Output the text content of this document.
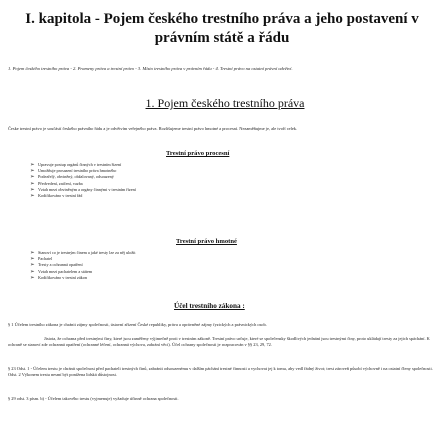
I. kapitola - Pojem českého trestního práva a jeho postavení v právním státě a řádu
1. Pojem českého trestního práva - 2. Prameny práva a trestní právo - 3. Místo trestního práva v právním řádu - 4. Trestní právo na ostatní právní odvětví.
1. Pojem českého trestního práva
Česke trestní právo je součástí českého právního řádu a je odvětvím veřejného práva. Rozlišujeme trestní právo hmotné a procesní. Nezaměňujme je, ale tvoří celek.
Trestní právo procesní
➢ Upravuje postup orgánů činných v trestním řízení
➢ Umožňuje prosazení trestního práva hmotného
➢ Podezřelý, obviněný, obžalovaný, odsouzený
➢ Předvedení, zatčení, vazba
➢ Vztah mezi obviněným a orgány činnými v trestním řízení
➢ Kodifikováno v trestní řád
Trestní právo hmotné
➢ Stanoví co je trestným činem a jaké tresty lze za něj uložit
➢ Pachatel
➢ Tresty a ochranná opatření
➢ Vztah mezi pachatelem a státem
➢ Kodifikováno v trestní zákon
Účel trestního zákona :
§ 1 Účelem trestního zákona je chránit zájmy společnosti, ústavní zřízení České republiky, práva a oprávněné zájmy fyzických a právnických osob.
Jistota, že ochrana před trestnými činy, které jsou zaměřeny výjimečně proti v trestním zákoně. Trestní právo určuje, které se společensky škodlivých jednání jsou trestnými činy, proto ukládají tresty za jejich spáchání. K ochraně se stanoví zde ochranná opatření (ochranné léčení, ochranná výchova, zabrání věci). Účel ochrany společnosti je rozpracován v §§ 23, 29, 72.
§ 23 Odst. 1 - Účelem trestu je chránit společnost před pachateli trestných činů, zabránit odsouzenému v dalším páchání trestné činnosti a vychovat jej k tomu, aby vedl řádný život; trest zároveň působí výchovně i na ostatní členy společnosti. Odst. 2 Výkonem trestu nesmí být ponížena lidská důstojnost.
§ 29 odst. 3 písm. b) - Účelem takového trestu (vyjmenuje) vyžaduje účinně ochrana společnosti.
